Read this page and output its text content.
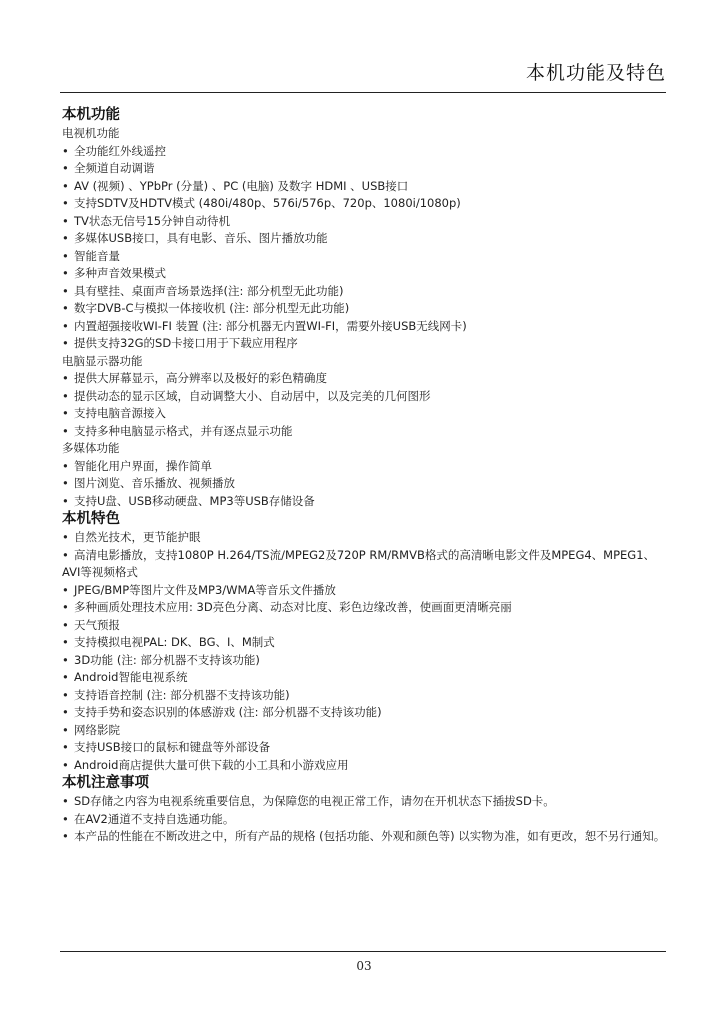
本机功能及特色
本机功能
电视机功能
• 全功能红外线遥控
• 全频道自动调谐
• AV (视频) 、YPbPr (分量) 、PC (电脑) 及数字 HDMI 、USB接口
• 支持SDTV及HDTV模式 (480i/480p、576i/576p、720p、1080i/1080p)
• TV状态无信号15分钟自动待机
• 多媒体USB接口，具有电影、音乐、图片播放功能
• 智能音量
• 多种声音效果模式
• 具有壁挂、桌面声音场景选择(注: 部分机型无此功能)
• 数字DVB-C与模拟一体接收机 (注: 部分机型无此功能)
• 内置超强接收WI-FI 装置 (注: 部分机器无内置WI-FI，需要外接USB无线网卡)
• 提供支持32G的SD卡接口用于下载应用程序
电脑显示器功能
• 提供大屏幕显示，高分辨率以及极好的彩色精确度
• 提供动态的显示区域，自动调整大小、自动居中，以及完美的几何图形
• 支持电脑音源接入
• 支持多种电脑显示格式，并有逐点显示功能
多媒体功能
• 智能化用户界面，操作简单
• 图片浏览、音乐播放、视频播放
• 支持U盘、USB移动硬盘、MP3等USB存储设备
本机特色
• 自然光技术，更节能护眼
• 高清电影播放，支持1080P H.264/TS流/MPEG2及720P RM/RMVB格式的高清晰电影文件及MPEG4、MPEG1、AVI等视频格式
• JPEG/BMP等图片文件及MP3/WMA等音乐文件播放
• 多种画质处理技术应用: 3D亮色分离、动态对比度、彩色边缘改善，使画面更清晰亮丽
• 天气预报
• 支持模拟电视PAL: DK、BG、I、M制式
• 3D功能 (注: 部分机器不支持该功能)
• Android智能电视系统
• 支持语音控制 (注: 部分机器不支持该功能)
• 支持手势和姿态识别的体感游戏 (注: 部分机器不支持该功能)
• 网络影院
• 支持USB接口的鼠标和键盘等外部设备
• Android商店提供大量可供下载的小工具和小游戏应用
本机注意事项
• SD存储之内容为电视系统重要信息，为保障您的电视正常工作，请勿在开机状态下插拔SD卡。
• 在AV2通道不支持自选通功能。
• 本产品的性能在不断改进之中，所有产品的规格 (包括功能、外观和颜色等) 以实物为准，如有更改，恕不另行通知。
03
